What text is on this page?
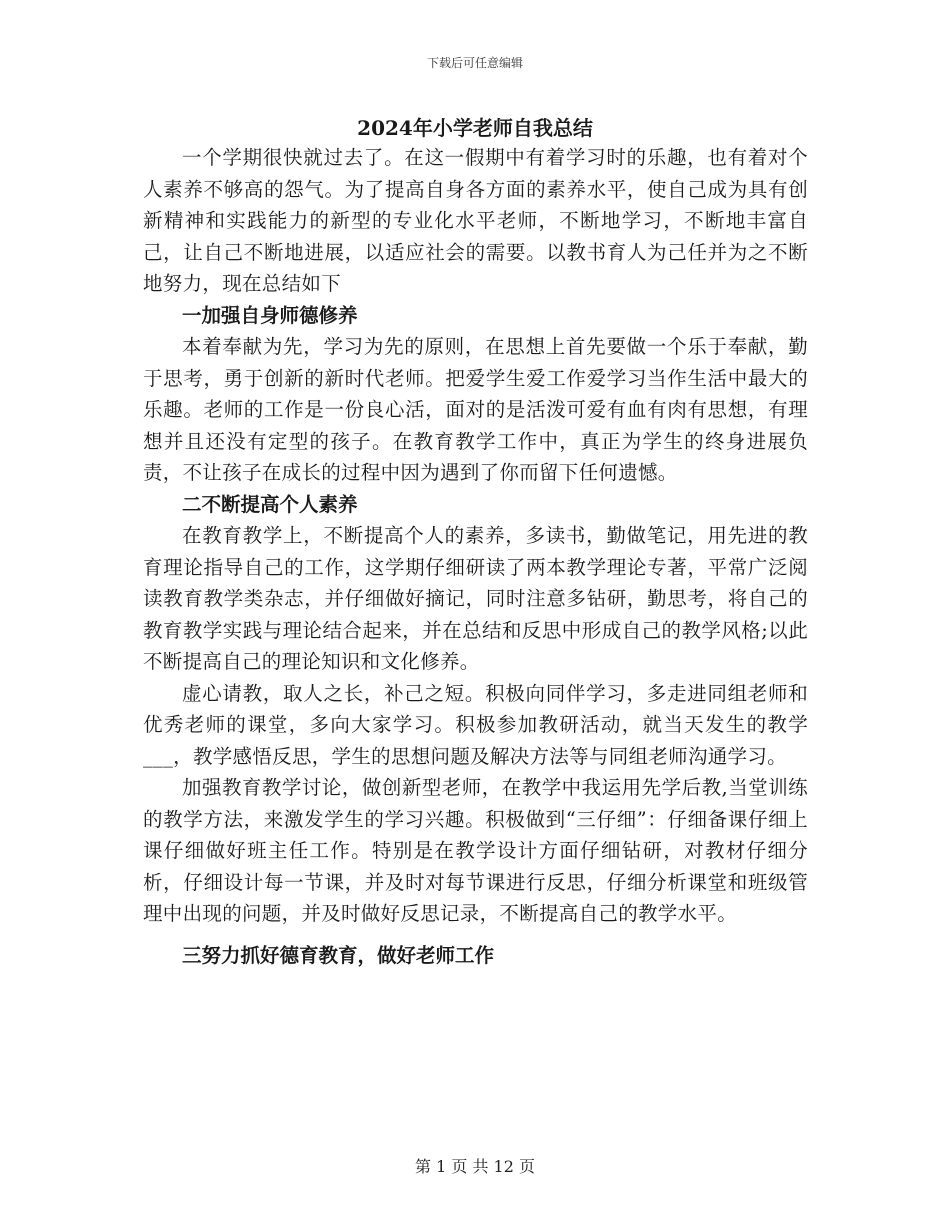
下载后可任意编辑
2024年小学老师自我总结

一个学期很快就过去了。在这一假期中有着学习时的乐趣，也有着对个人素养不够高的怨气。为了提高自身各方面的素养水平，使自己成为具有创新精神和实践能力的新型的专业化水平老师，不断地学习，不断地丰富自己，让自己不断地进展，以适应社会的需要。以教书育人为己任并为之不断地努力，现在总结如下

一加强自身师德修养

本着奉献为先，学习为先的原则，在思想上首先要做一个乐于奉献，勤于思考，勇于创新的新时代老师。把爱学生爱工作爱学习当作生活中最大的乐趣。老师的工作是一份良心活，面对的是活泼可爱有血有肉有思想，有理想并且还没有定型的孩子。在教育教学工作中，真正为学生的终身进展负责，不让孩子在成长的过程中因为遇到了你而留下任何遗憾。

二不断提高个人素养

在教育教学上，不断提高个人的素养，多读书，勤做笔记，用先进的教育理论指导自己的工作，这学期仔细研读了两本教学理论专著，平常广泛阅读教育教学类杂志，并仔细做好摘记，同时注意多钻研，勤思考，将自己的教育教学实践与理论结合起来，并在总结和反思中形成自己的教学风格;以此不断提高自己的理论知识和文化修养。

虚心请教，取人之长，补己之短。积极向同伴学习，多走进同组老师和优秀老师的课堂，多向大家学习。积极参加教研活动，就当天发生的教学___，教学感悟反思，学生的思想问题及解决方法等与同组老师沟通学习。

加强教育教学讨论，做创新型老师，在教学中我运用先学后教,当堂训练的教学方法，来激发学生的学习兴趣。积极做到“三仔细”：仔细备课仔细上课仔细做好班主任工作。特别是在教学设计方面仔细钻研，对教材仔细分析，仔细设计每一节课，并及时对每节课进行反思，仔细分析课堂和班级管理中出现的问题，并及时做好反思记录，不断提高自己的教学水平。

三努力抓好德育教育，做好老师工作

第 1 页 共 12 页
